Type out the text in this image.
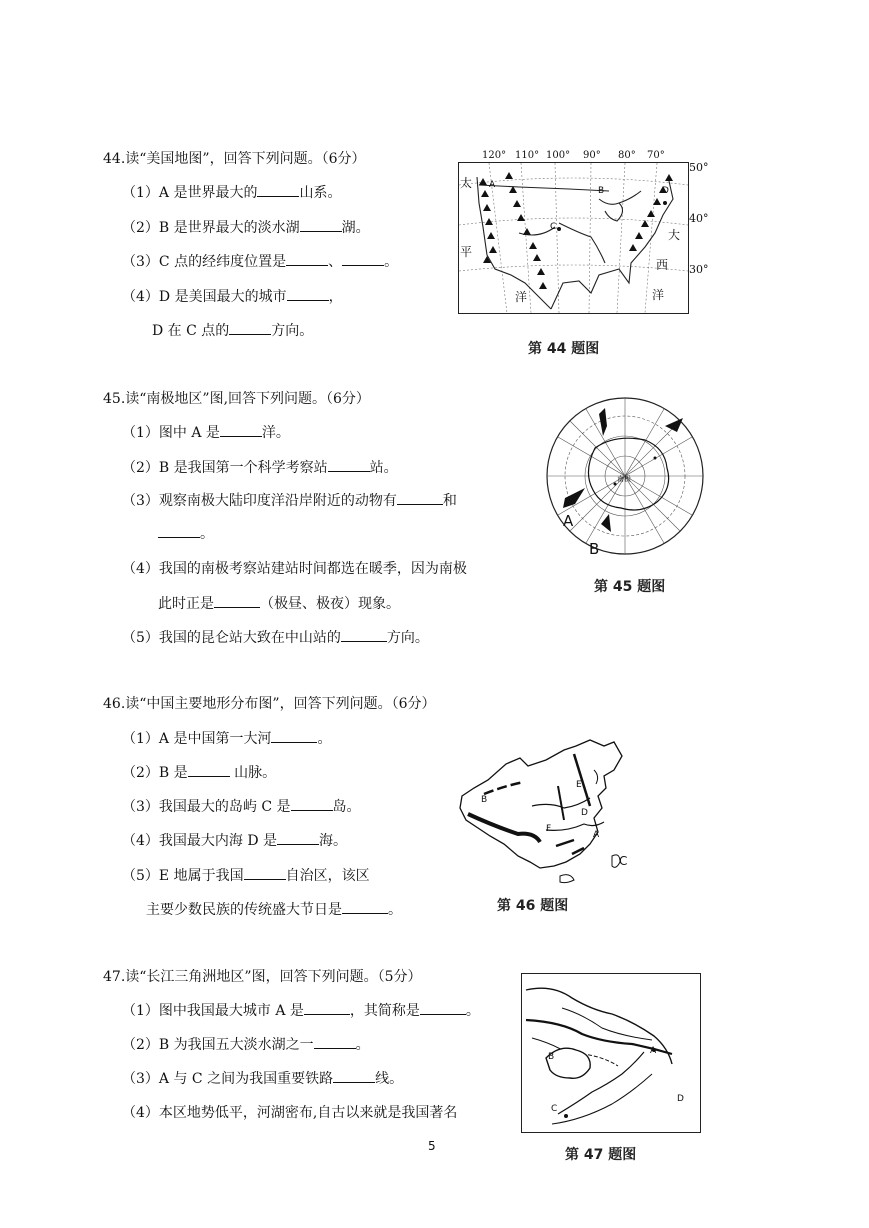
44.读“美国地图”，回答下列问题。（6分）
（1）A 是世界最大的	山系。
（2）B 是世界最大的淡水湖	湖。
（3）C 点的经纬度位置是	、	。
（4）D 是美国最大的城市	，
D 在 C 点的	方向。
120° 110° 100° 90° 80° 70°
50°
40°
30°
太
平
洋
大
西
洋
A
B
C
D
第 44 题图
45.读“南极地区”图,回答下列问题。（6分）
（1）图中 A 是	洋。
（2）B 是我国第一个科学考察站	站。
（3）观察南极大陆印度洋沿岸附近的动物有	和
。
（4）我国的南极考察站建站时间都选在暖季，因为南极
此时正是	（极昼、极夜）现象。
（5）我国的昆仑站大致在中山站的	方向。
A
B
南极
第 45 题图
46.读“中国主要地形分布图”，回答下列问题。（6分）
（1）A 是中国第一大河	。
（2）B 是	山脉。
（3）我国最大的岛屿 C 是	岛。
（4）我国最大内海 D 是	海。
（5）E 地属于我国	自治区，该区
主要少数民族的传统盛大节日是	。
B
D
E
F
A
C
第 46 题图
47.读“长江三角洲地区”图，回答下列问题。（5分）
（1）图中我国最大城市 A 是	，其简称是	。
（2）B 为我国五大淡水湖之一	。
（3）A 与 C 之间为我国重要铁路	线。
（4）本区地势低平，河湖密布,自古以来就是我国著名
B
A
C
D
第 47 题图
5
